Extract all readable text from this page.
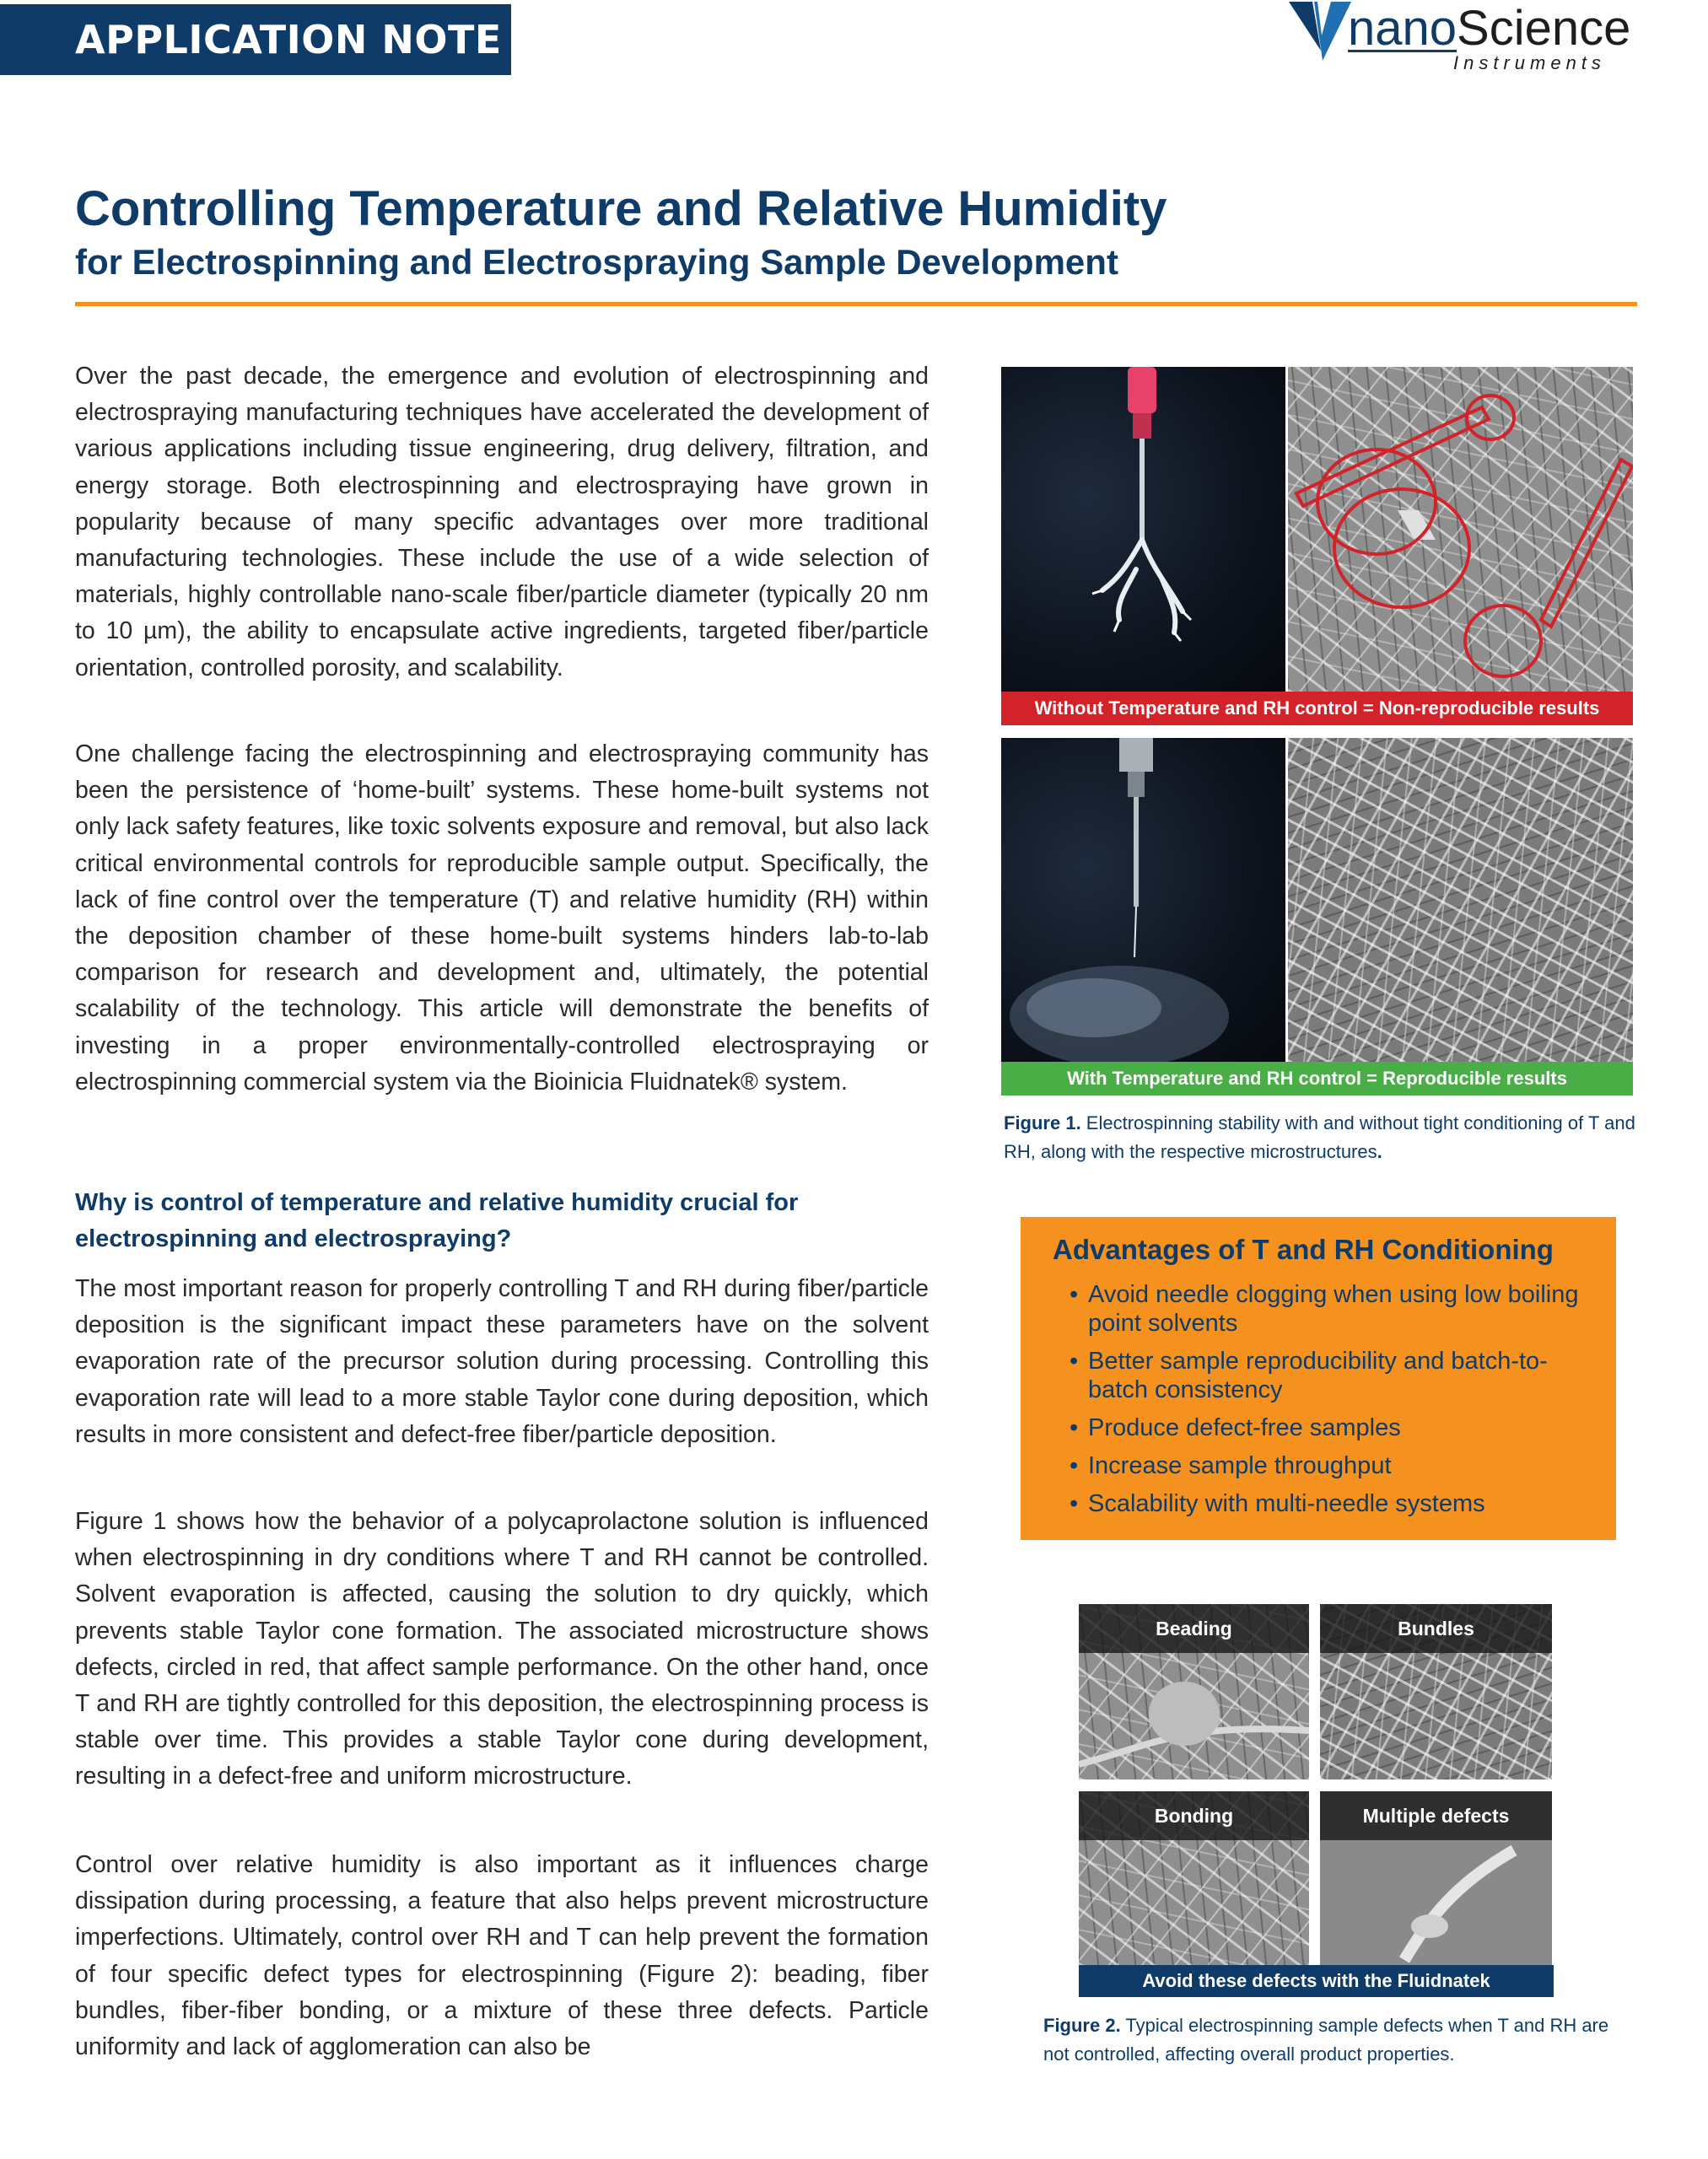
APPLICATION NOTE	nanoScience
Instruments
Controlling Temperature and Relative Humidity
for Electrospinning and Electrospraying Sample Development
Over the past decade, the emergence and evolution of electrospinning and electrospraying manufacturing techniques have accelerated the development of various applications including tissue engineering, drug delivery, filtration, and energy storage. Both electrospinning and electrospraying have grown in popularity because of many specific advantages over more traditional manufacturing technologies. These include the use of a wide selection of materials, highly controllable nano-scale fiber/particle diameter (typically 20 nm to 10 µm), the ability to encapsulate active ingredients, targeted fiber/particle orientation, controlled porosity, and scalability.
One challenge facing the electrospinning and electrospraying community has been the persistence of ‘home-built’ systems. These home-built systems not only lack safety features, like toxic solvents exposure and removal, but also lack critical environmental controls for reproducible sample output. Specifically, the lack of fine control over the temperature (T) and relative humidity (RH) within the deposition chamber of these home-built systems hinders lab-to-lab comparison for research and development and, ultimately, the potential scalability of the technology. This article will demonstrate the benefits of investing in a proper environmentally-controlled electrospraying or electrospinning commercial system via the Bioinicia Fluidnatek® system.
Why is control of temperature and relative humidity crucial for electrospinning and electrospraying?
The most important reason for properly controlling T and RH during fiber/particle deposition is the significant impact these parameters have on the solvent evaporation rate of the precursor solution during processing. Controlling this evaporation rate will lead to a more stable Taylor cone during deposition, which results in more consistent and defect-free fiber/particle deposition.
Figure 1 shows how the behavior of a polycaprolactone solution is influenced when electrospinning in dry conditions where T and RH cannot be controlled. Solvent evaporation is affected, causing the solution to dry quickly, which prevents stable Taylor cone formation. The associated microstructure shows defects, circled in red, that affect sample performance. On the other hand, once T and RH are tightly controlled for this deposition, the electrospinning process is stable over time. This provides a stable Taylor cone during development, resulting in a defect-free and uniform microstructure.
Control over relative humidity is also important as it influences charge dissipation during processing, a feature that also helps prevent microstructure imperfections. Ultimately, control over RH and T can help prevent the formation of four specific defect types for electrospinning (Figure 2): beading, fiber bundles, fiber-fiber bonding, or a mixture of these three defects. Particle uniformity and lack of agglomeration can also be
Without Temperature and RH control = Non-reproducible results
With Temperature and RH control = Reproducible results
Figure 1. Electrospinning stability with and without tight conditioning of T and RH, along with the respective microstructures.
Advantages of T and RH Conditioning
• Avoid needle clogging when using low boiling point solvents
• Better sample reproducibility and batch-to-batch consistency
• Produce defect-free samples
• Increase sample throughput
• Scalability with multi-needle systems
Beading	Bundles
Bonding	Multiple defects
Avoid these defects with the Fluidnatek
Figure 2. Typical electrospinning sample defects when T and RH are not controlled, affecting overall product properties.
